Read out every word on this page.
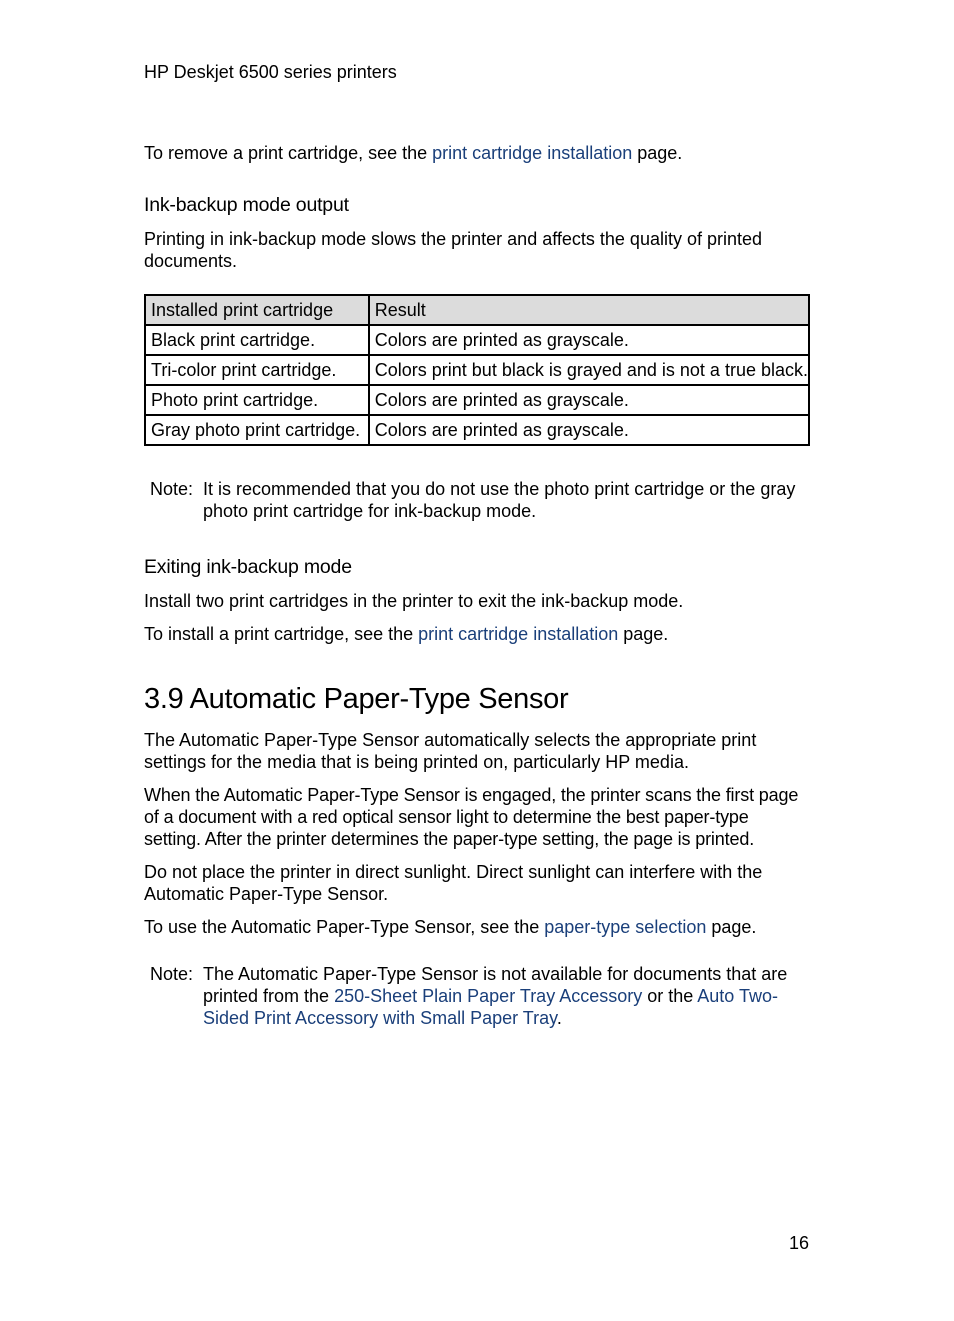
HP Deskjet 6500 series printers

To remove a print cartridge, see the print cartridge installation page.

Ink-backup mode output

Printing in ink-backup mode slows the printer and affects the quality of printed documents.

Installed print cartridge	Result
Black print cartridge.	Colors are printed as grayscale.
Tri-color print cartridge.	Colors print but black is grayed and is not a true black.
Photo print cartridge.	Colors are printed as grayscale.
Gray photo print cartridge.	Colors are printed as grayscale.
Note: It is recommended that you do not use the photo print cartridge or the gray photo print cartridge for ink-backup mode.
Exiting ink-backup mode

Install two print cartridges in the printer to exit the ink-backup mode.

To install a print cartridge, see the print cartridge installation page.

3.9 Automatic Paper-Type Sensor

The Automatic Paper-Type Sensor automatically selects the appropriate print settings for the media that is being printed on, particularly HP media.

When the Automatic Paper-Type Sensor is engaged, the printer scans the first page of a document with a red optical sensor light to determine the best paper-type setting. After the printer determines the paper-type setting, the page is printed.

Do not place the printer in direct sunlight. Direct sunlight can interfere with the Automatic Paper-Type Sensor.

To use the Automatic Paper-Type Sensor, see the paper-type selection page.

Note: The Automatic Paper-Type Sensor is not available for documents that are printed from the 250-Sheet Plain Paper Tray Accessory or the Auto Two-Sided Print Accessory with Small Paper Tray.
16
